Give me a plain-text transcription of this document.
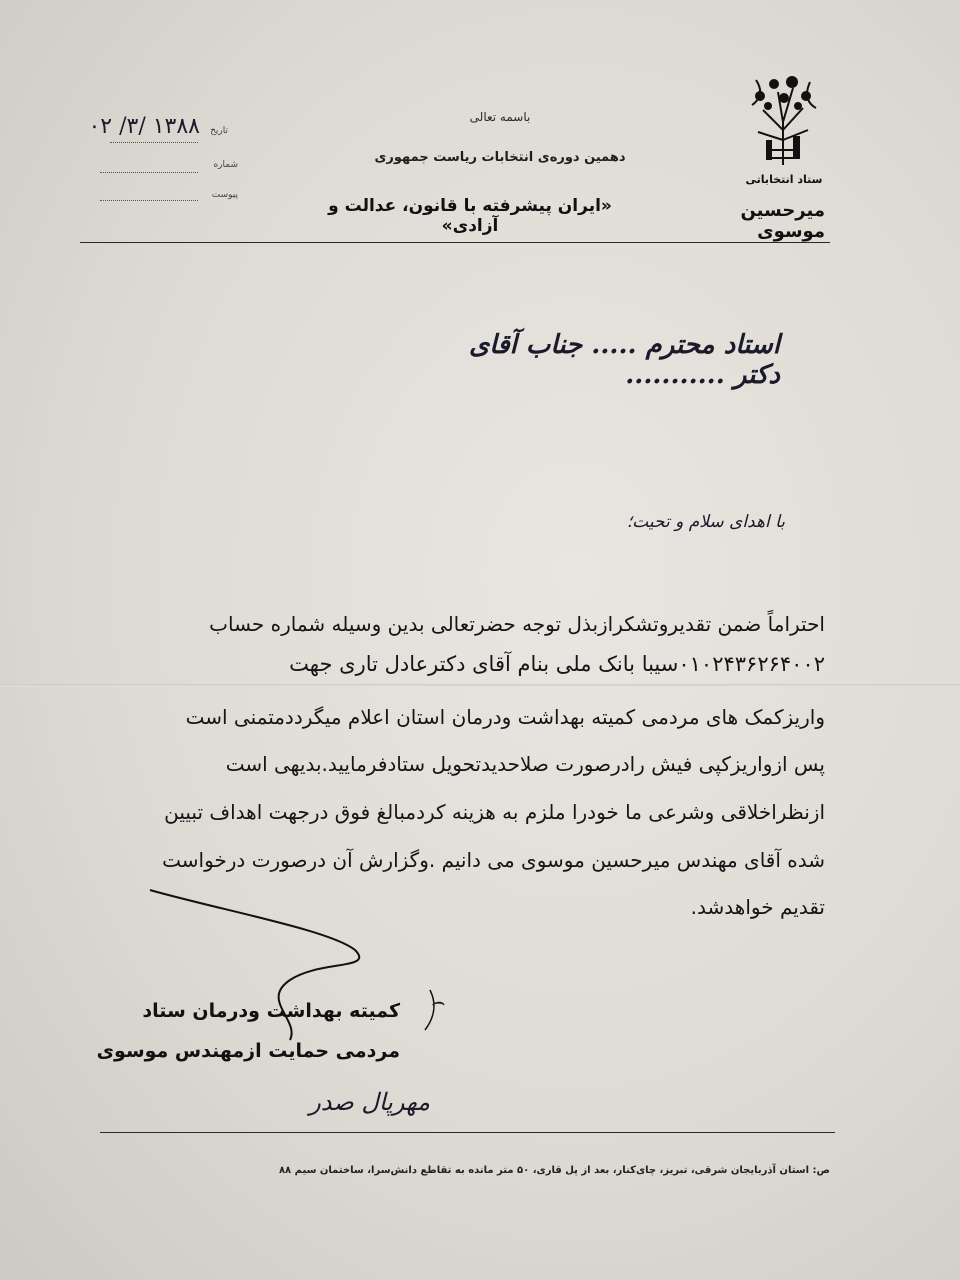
ستاد انتخاباتی
میرحسین موسوی
باسمه تعالی
دهمین دوره‌ی انتخابات ریاست جمهوری
«ایران پیشرفته با قانون، عدالت و آزادی»
۱۳۸۸ /۳/ ۰۲	تاریخ
شماره
پیوست
استاد محترم ..... جناب آقای دکتر ...........
با اهدای سلام و تحیت؛
احتراماً ضمن تقدیروتشکرازبذل توجه حضرتعالی بدین وسیله شماره حساب
۰۱۰۲۴۳۶۲۶۴۰۰۲سیبا بانک ملی بنام آقای دکترعادل تاری جهت
واریزکمک های مردمی کمیته بهداشت ودرمان استان اعلام میگرددمتمنی است
پس ازواریزکپی فیش رادرصورت صلاحدیدتحویل ستادفرمایید.بدیهی است
ازنظراخلاقی وشرعی ما خودرا ملزم به هزینه کردمبالغ فوق درجهت اهداف تبیین
شده آقای مهندس میرحسین موسوی می دانیم .وگزارش آن درصورت درخواست
تقدیم خواهدشد.
⌢
کمیته بهداشت ودرمان ستاد
مردمی حمایت ازمهندس موسوی
مهرپال صدر
ص: استان آذربایجان شرقی، تبریز، چای‌کنار، بعد از پل قاری، ۵۰ متر مانده به تقاطع دانش‌سرا، ساختمان سیم ۸۸
